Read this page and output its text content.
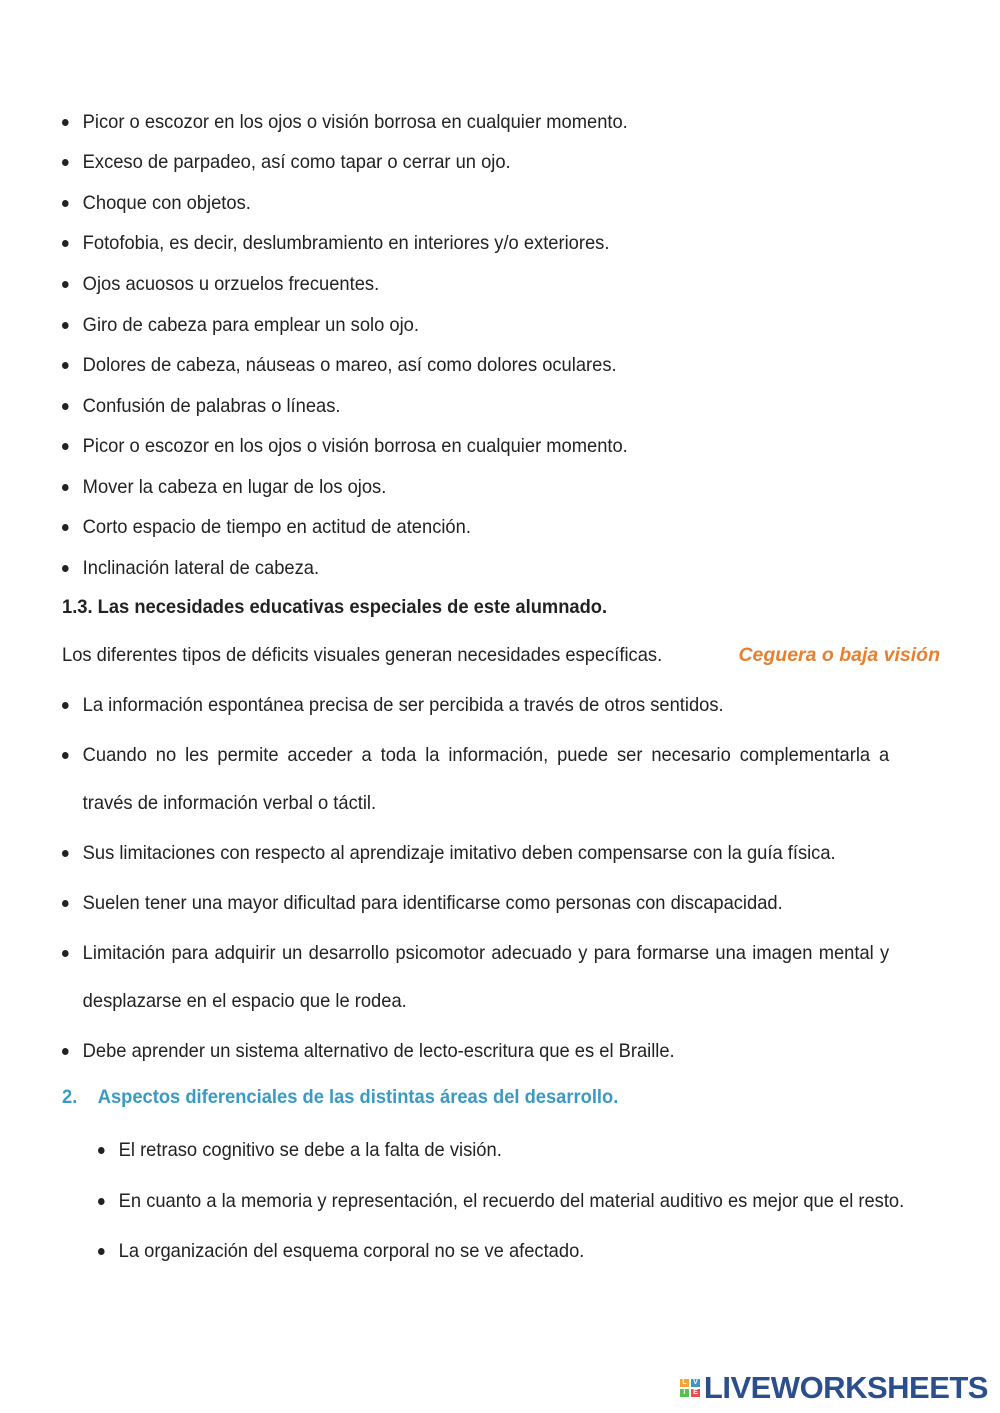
Picor o escozor en los ojos o visión borrosa en cualquier momento.
Exceso de parpadeo, así como tapar o cerrar un ojo.
Choque con objetos.
Fotofobia, es decir, deslumbramiento en interiores y/o exteriores.
Ojos acuosos u orzuelos frecuentes.
Giro de cabeza para emplear un solo ojo.
Dolores de cabeza, náuseas o mareo, así como dolores oculares.
Confusión de palabras o líneas.
Picor o escozor en los ojos o visión borrosa en cualquier momento.
Mover la cabeza en lugar de los ojos.
Corto espacio de tiempo en actitud de atención.
Inclinación lateral de cabeza.
1.3. Las necesidades educativas especiales de este alumnado.
Los diferentes tipos de déficits visuales generan necesidades específicas.	Ceguera o baja visión
La información espontánea precisa de ser percibida a través de otros sentidos.
Cuando no les permite acceder a toda la información, puede ser necesario complementarla a través de información verbal o táctil.
Sus limitaciones con respecto al aprendizaje imitativo deben compensarse con la guía física.
Suelen tener una mayor dificultad para identificarse como personas con discapacidad.
Limitación para adquirir un desarrollo psicomotor adecuado y para formarse una imagen mental y desplazarse en el espacio que le rodea.
Debe aprender un sistema alternativo de lecto-escritura que es el Braille.
2. Aspectos diferenciales de las distintas áreas del desarrollo.
El retraso cognitivo se debe a la falta de visión.
En cuanto a la memoria y representación, el recuerdo del material auditivo es mejor que el resto.
La organización del esquema corporal no se ve afectado.
L
I
V
E LIVEWORKSHEETS
